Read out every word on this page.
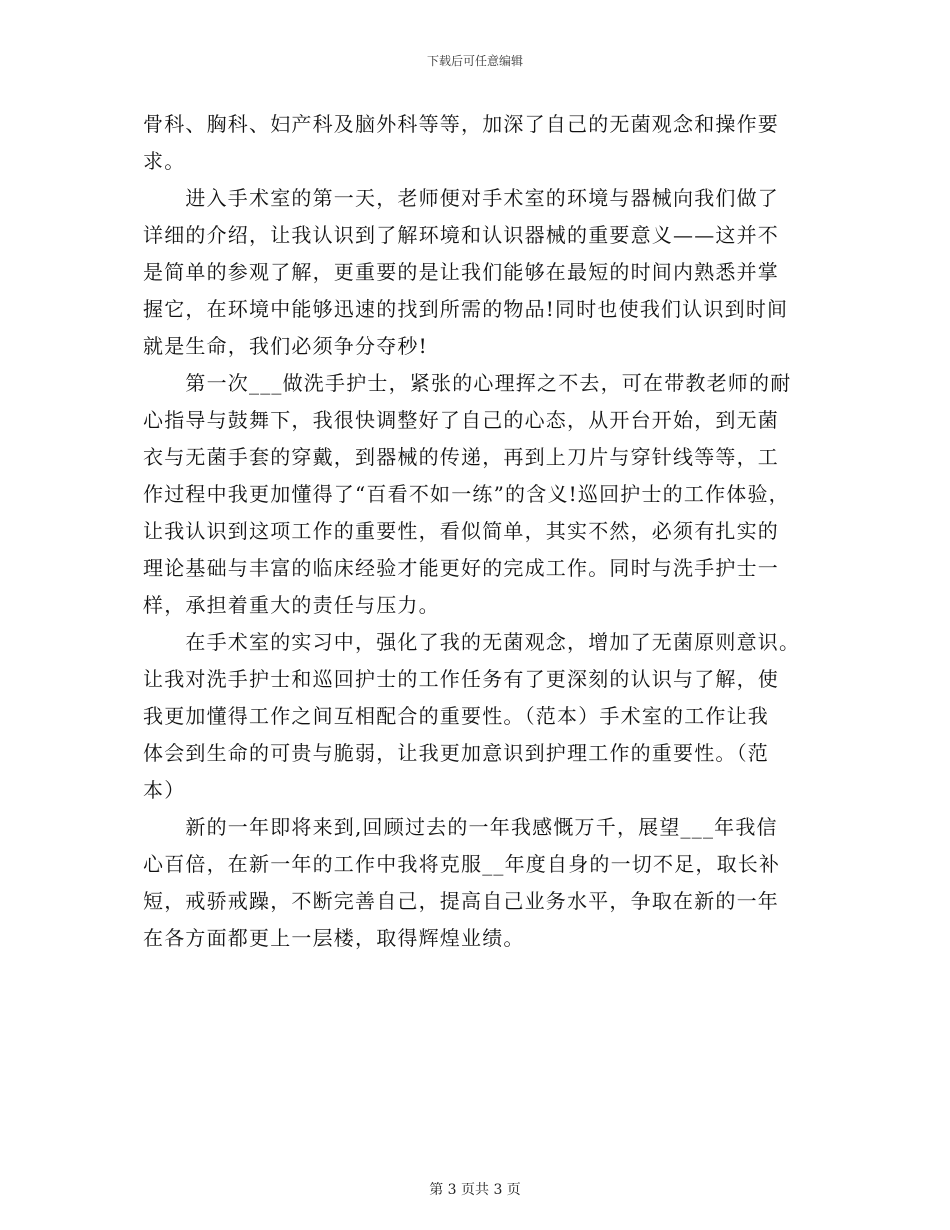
下载后可任意编辑
骨科、胸科、妇产科及脑外科等等，加深了自己的无菌观念和操作要
求。
　　进入手术室的第一天，老师便对手术室的环境与器械向我们做了
详细的介绍，让我认识到了解环境和认识器械的重要意义——这并不
是简单的参观了解，更重要的是让我们能够在最短的时间内熟悉并掌
握它，在环境中能够迅速的找到所需的物品!同时也使我们认识到时间
就是生命，我们必须争分夺秒!
　　第一次___做洗手护士，紧张的心理挥之不去，可在带教老师的耐
心指导与鼓舞下，我很快调整好了自己的心态，从开台开始，到无菌
衣与无菌手套的穿戴，到器械的传递，再到上刀片与穿针线等等，工
作过程中我更加懂得了“百看不如一练”的含义!巡回护士的工作体验，
让我认识到这项工作的重要性，看似简单，其实不然，必须有扎实的
理论基础与丰富的临床经验才能更好的完成工作。同时与洗手护士一
样，承担着重大的责任与压力。
　　在手术室的实习中，强化了我的无菌观念，增加了无菌原则意识。
让我对洗手护士和巡回护士的工作任务有了更深刻的认识与了解，使
我更加懂得工作之间互相配合的重要性。（范本）手术室的工作让我
体会到生命的可贵与脆弱，让我更加意识到护理工作的重要性。（范
本）
　　新的一年即将来到,回顾过去的一年我感慨万千，展望___年我信
心百倍，在新一年的工作中我将克服__年度自身的一切不足，取长补
短，戒骄戒躁，不断完善自己，提高自己业务水平，争取在新的一年
在各方面都更上一层楼，取得辉煌业绩。
第 3 页共 3 页
